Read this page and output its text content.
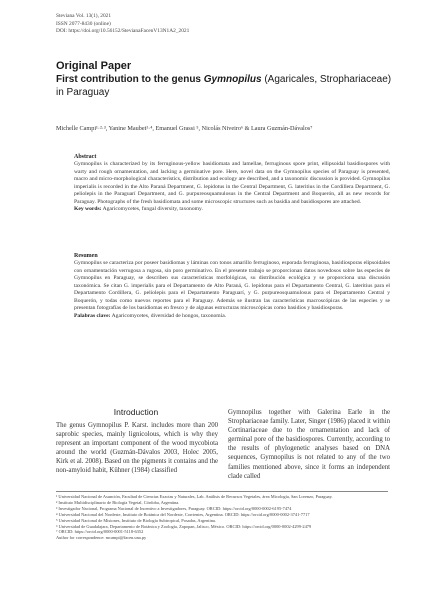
Steviana Vol. 13(1), 2021
ISSN 2077-8430 (online)
DOI: https://doi.org/10.56152/StevianaFacenV13N1A2_2021
Original Paper
First contribution to the genus Gymnopilus (Agaricales, Strophariaceae) in Paraguay
Michelle Campi¹·²·³, Yanine Maubet¹·⁴, Emanuel Grassi ⁵, Nicolás Niveiro⁶ & Laura Guzmán-Dávalos⁷
Abstract
Gymnopilus is characterized by its ferruginous-yellow basidiomata and lamellae, ferruginous spore print, ellipsoidal basidiospores with warty and rough ornamentation, and lacking a germinative pore. Here, novel data on the Gymnopilus species of Paraguay is presented, macro and micro-morphological characteristics, distribution and ecology are described, and a taxonomic discussion is provided. Gymnopilus imperialis is recorded in the Alto Paraná Department, G. lepidotus in the Central Department, G. lateritius in the Cordillera Department, G. peliolepis in the Paraguarí Department, and G. purpureosquamulosus in the Central Department and Boquerón, all as new records for Paraguay. Photographs of the fresh basidiomata and some microscopic structures such as basidia and basidiospores are attached.
Key words: Agaricomycetes, fungal diversity, taxonomy.
Resumen
Gymnopilus se caracteriza por poseer basidiomas y láminas con tonos amarillo ferruginoso, esporada ferruginosa, basidiosporas elipsoidales con ornamentación verrugosa a rugosa, sin poro germinativo. En el presente trabajo se proporcionan datos novedosos sobre las especies de Gymnopilus en Paraguay, se describen sus características morfológicas, su distribución ecológica y se proporciona una discusión taxonómica. Se citan G. imperialis para el Departamento de Alto Paraná, G. lepidotus para el Departamento Central, G. lateritius para el Departamento Cordillera, G. peliolepis para el Departamento Paraguarí, y G. purpureosquamulosus para el Departamento Central y Boquerón, y todas como nuevos reportes para el Paraguay. Además se ilustran las características macroscópicas de las especies y se presentan fotografías de los basidiomas en fresco y de algunas estructuras microscópicas como basidios y basidiosporas.
Palabras clave: Agaricomycetes, diversidad de hongos, taxonomía.
Introduction
The genus Gymnopilus P. Karst. includes more than 200 saprobic species, mainly lignicolous, which is why they represent an important component of the wood mycobiota around the world (Guzmán-Dávalos 2003, Holec 2005, Kirk et al. 2008). Based on the pigments it contains and the non-amyloid habit, Kühner (1984) classified
Gymnopilus together with Galerina Earle in the Strophariaceae family. Later, Singer (1986) placed it within Cortinariaceae due to the ornamentation and lack of germinal pore of the basidiospores. Currently, according to the results of phylogenetic analyses based on DNA sequences, Gymnopilus is not related to any of the two families mentioned above, since it forms an independent clade called
¹ Universidad Nacional de Asunción, Facultad de Ciencias Exactas y Naturales, Lab. Análisis de Recursos Vegetales, área Micología, San Lorenzo, Paraguay.
² Instituto Multidisciplinario de Biología Vegetal, Córdoba, Argentina.
³ Investigador Nacional, Programa Nacional de Incentivo a Investigadores, Paraguay. ORCID: https://orcid.org/0000-0002-6195-7474
⁴ Universidad Nacional del Nordeste, Instituto de Botánica del Nordeste, Corrientes, Argentina. ORCID: https://orcid.org/0000-0002-3741-7717
⁵ Universidad Nacional de Misiones, Instituto de Biología Subtropical, Posadas, Argentina.
⁶ Universidad de Guadalajara, Departamento de Botánica y Zoología, Zapopan, Jalisco, México. ORCID: https://orcid.org/0000-0002-4299-2479
⁷ ORCID: https://orcid.org/0000-0001-5118-6352
Author for correspondence: mcampi@facen.una.py
